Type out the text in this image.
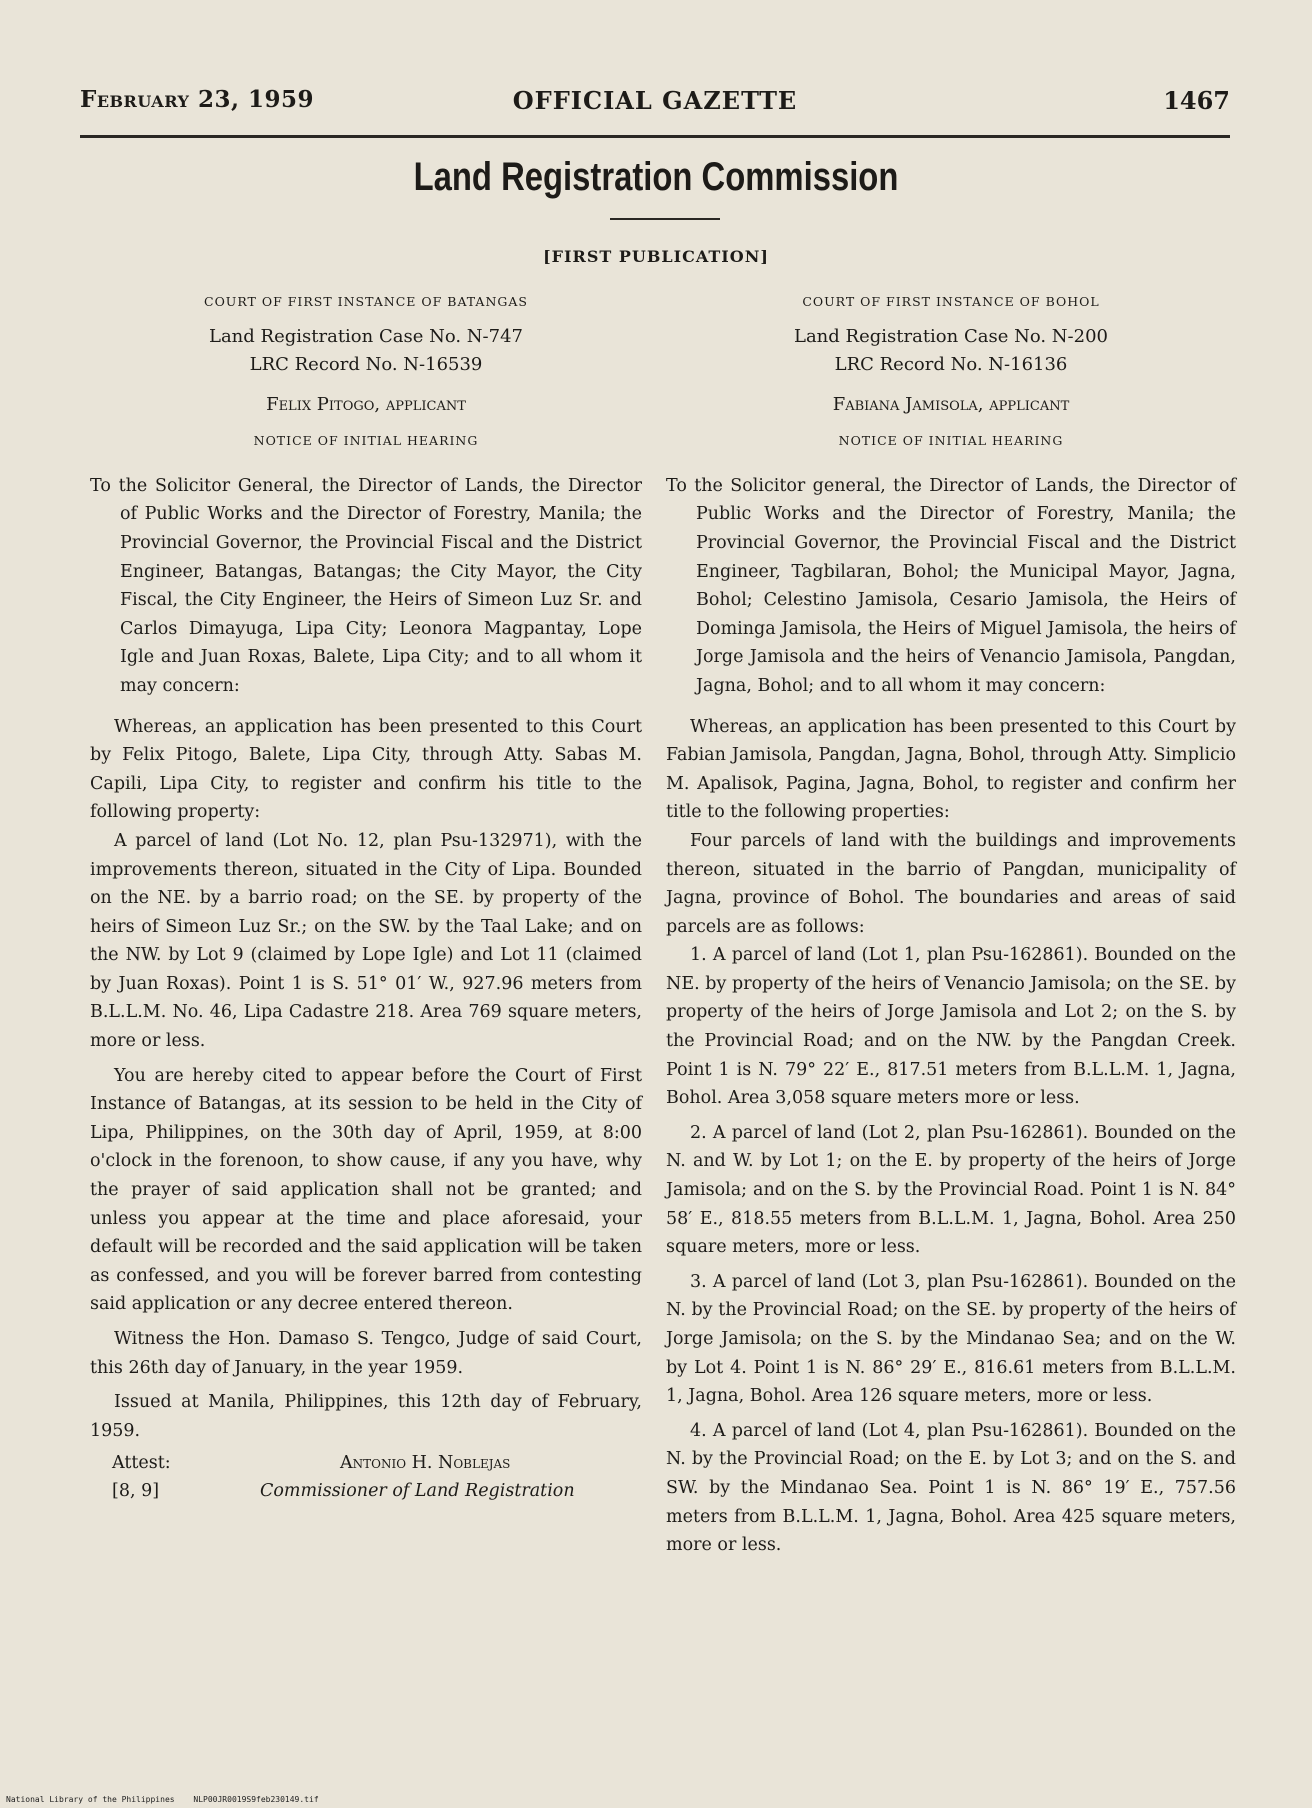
February 23, 1959	OFFICIAL GAZETTE	1467
Land Registration Commission
[FIRST PUBLICATION]

COURT OF FIRST INSTANCE OF BATANGAS

Land Registration Case No. N-747

LRC Record No. N-16539

Felix Pitogo, applicant

NOTICE OF INITIAL HEARING

To the Solicitor General, the Director of Lands, the Director of Public Works and the Director of Forestry, Manila; the Provincial Governor, the Provincial Fiscal and the District Engineer, Batangas, Batangas; the City Mayor, the City Fiscal, the City Engineer, the Heirs of Simeon Luz Sr. and Carlos Dimayuga, Lipa City; Leonora Magpantay, Lope Igle and Juan Roxas, Balete, Lipa City; and to all whom it may concern:

Whereas, an application has been presented to this Court by Felix Pitogo, Balete, Lipa City, through Atty. Sabas M. Capili, Lipa City, to register and confirm his title to the following property:

A parcel of land (Lot No. 12, plan Psu-132971), with the improvements thereon, situated in the City of Lipa. Bounded on the NE. by a barrio road; on the SE. by property of the heirs of Simeon Luz Sr.; on the SW. by the Taal Lake; and on the NW. by Lot 9 (claimed by Lope Igle) and Lot 11 (claimed by Juan Roxas). Point 1 is S. 51° 01′ W., 927.96 meters from B.L.L.M. No. 46, Lipa Cadastre 218. Area 769 square meters, more or less.

You are hereby cited to appear before the Court of First Instance of Batangas, at its session to be held in the City of Lipa, Philippines, on the 30th day of April, 1959, at 8:00 o'clock in the forenoon, to show cause, if any you have, why the prayer of said application shall not be granted; and unless you appear at the time and place aforesaid, your default will be recorded and the said application will be taken as confessed, and you will be forever barred from contesting said application or any decree entered thereon.

Witness the Hon. Damaso S. Tengco, Judge of said Court, this 26th day of January, in the year 1959.

Issued at Manila, Philippines, this 12th day of February, 1959.

Attest:	Antonio H. Noblejas
[8, 9]	Commissioner of Land Registration

COURT OF FIRST INSTANCE OF BOHOL

Land Registration Case No. N-200

LRC Record No. N-16136

Fabiana Jamisola, applicant

NOTICE OF INITIAL HEARING

To the Solicitor general, the Director of Lands, the Director of Public Works and the Director of Forestry, Manila; the Provincial Governor, the Provincial Fiscal and the District Engineer, Tagbilaran, Bohol; the Municipal Mayor, Jagna, Bohol; Celestino Jamisola, Cesario Jamisola, the Heirs of Dominga Jamisola, the Heirs of Miguel Jamisola, the heirs of Jorge Jamisola and the heirs of Venancio Jamisola, Pangdan, Jagna, Bohol; and to all whom it may concern:

Whereas, an application has been presented to this Court by Fabian Jamisola, Pangdan, Jagna, Bohol, through Atty. Simplicio M. Apalisok, Pagina, Jagna, Bohol, to register and confirm her title to the following properties:

Four parcels of land with the buildings and improvements thereon, situated in the barrio of Pangdan, municipality of Jagna, province of Bohol. The boundaries and areas of said parcels are as follows:

1. A parcel of land (Lot 1, plan Psu-162861). Bounded on the NE. by property of the heirs of Venancio Jamisola; on the SE. by property of the heirs of Jorge Jamisola and Lot 2; on the S. by the Provincial Road; and on the NW. by the Pangdan Creek. Point 1 is N. 79° 22′ E., 817.51 meters from B.L.L.M. 1, Jagna, Bohol. Area 3,058 square meters more or less.

2. A parcel of land (Lot 2, plan Psu-162861). Bounded on the N. and W. by Lot 1; on the E. by property of the heirs of Jorge Jamisola; and on the S. by the Provincial Road. Point 1 is N. 84° 58′ E., 818.55 meters from B.L.L.M. 1, Jagna, Bohol. Area 250 square meters, more or less.

3. A parcel of land (Lot 3, plan Psu-162861). Bounded on the N. by the Provincial Road; on the SE. by property of the heirs of Jorge Jamisola; on the S. by the Mindanao Sea; and on the W. by Lot 4. Point 1 is N. 86° 29′ E., 816.61 meters from B.L.L.M. 1, Jagna, Bohol. Area 126 square meters, more or less.

4. A parcel of land (Lot 4, plan Psu-162861). Bounded on the N. by the Provincial Road; on the E. by Lot 3; and on the S. and SW. by the Mindanao Sea. Point 1 is N. 86° 19′ E., 757.56 meters from B.L.L.M. 1, Jagna, Bohol. Area 425 square meters, more or less.

National Library of the Philippines NLP00JR0019S9feb230149.tif
